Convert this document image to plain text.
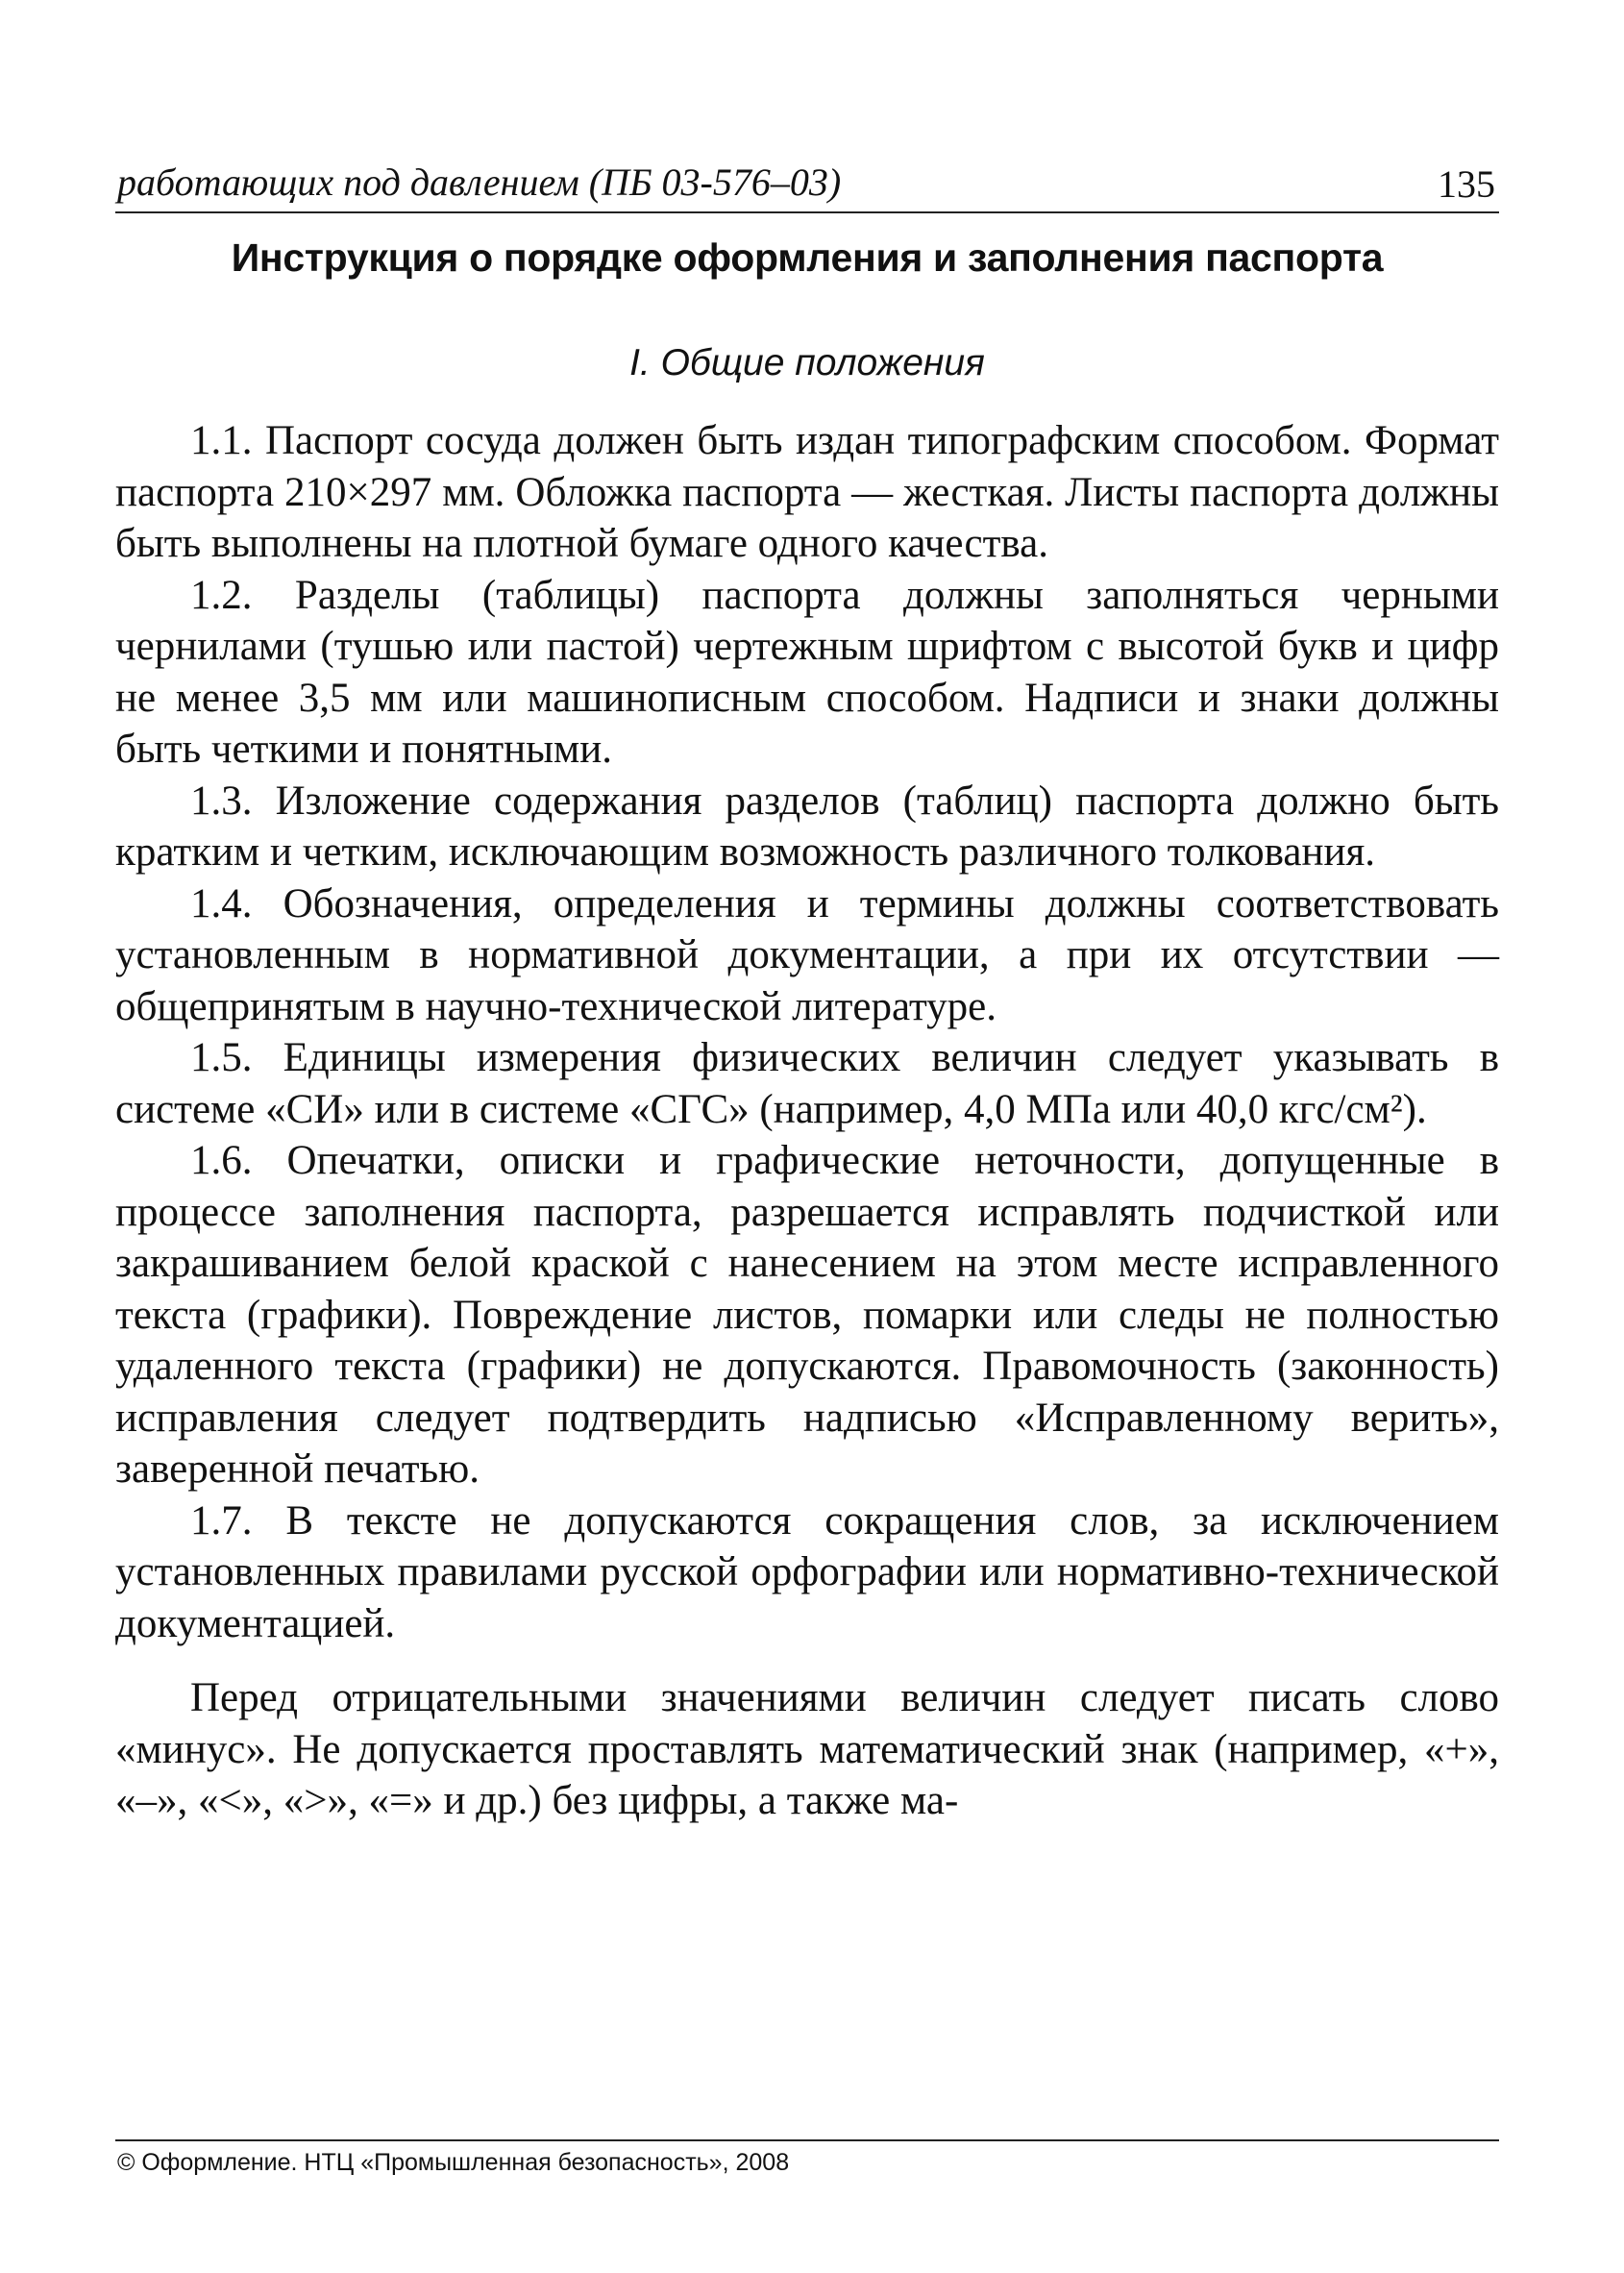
работающих под давлением (ПБ 03-576–03)	135
Инструкция о порядке оформления и заполнения паспорта
I. Общие положения

1.1. Паспорт сосуда должен быть издан типографским способом. Формат паспорта 210×297 мм. Обложка паспорта — жесткая. Листы паспорта должны быть выполнены на плотной бумаге одного качества.

1.2. Разделы (таблицы) паспорта должны заполняться черными чернилами (тушью или пастой) чертежным шрифтом с высотой букв и цифр не менее 3,5 мм или машинописным способом. Надписи и знаки должны быть четкими и понятными.

1.3. Изложение содержания разделов (таблиц) паспорта должно быть кратким и четким, исключающим возможность различного толкования.

1.4. Обозначения, определения и термины должны соответствовать установленным в нормативной документации, а при их отсутствии — общепринятым в научно-технической литературе.

1.5. Единицы измерения физических величин следует указывать в системе «СИ» или в системе «СГС» (например, 4,0 МПа или 40,0 кгс/см²).

1.6. Опечатки, описки и графические неточности, допущенные в процессе заполнения паспорта, разрешается исправлять подчисткой или закрашиванием белой краской с нанесением на этом месте исправленного текста (графики). Повреждение листов, помарки или следы не полностью удаленного текста (графики) не допускаются. Правомочность (законность) исправления следует подтвердить надписью «Исправленному верить», заверенной печатью.

1.7. В тексте не допускаются сокращения слов, за исключением установленных правилами русской орфографии или нормативно-технической документацией.

Перед отрицательными значениями величин следует писать слово «минус». Не допускается проставлять математический знак (например, «+», «–», «<», «>», «=» и др.) без цифры, а также ма-

© Оформление. НТЦ «Промышленная безопасность», 2008
